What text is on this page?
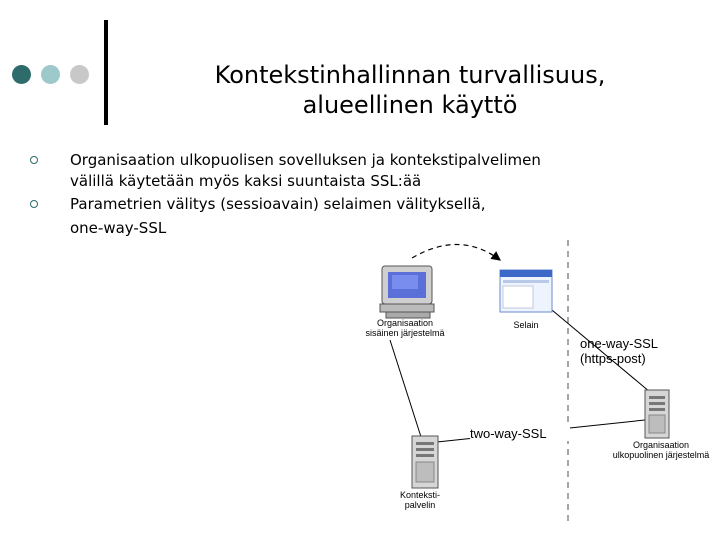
Kontekstinhallinnan turvallisuus,
alueellinen käyttö
Organisaation ulkopuolisen sovelluksen ja kontekstipalvelimen
välillä käytetään myös kaksi suuntaista SSL:ää
Parametrien välitys (sessioavain) selaimen välityksellä,
one-way-SSL
Organisaation
sisäinen järjestelmä
Selain
Konteksti-
palvelin
Organisaation
ulkopuolinen järjestelmä
one-way-SSL
(https-post)
two-way-SSL
